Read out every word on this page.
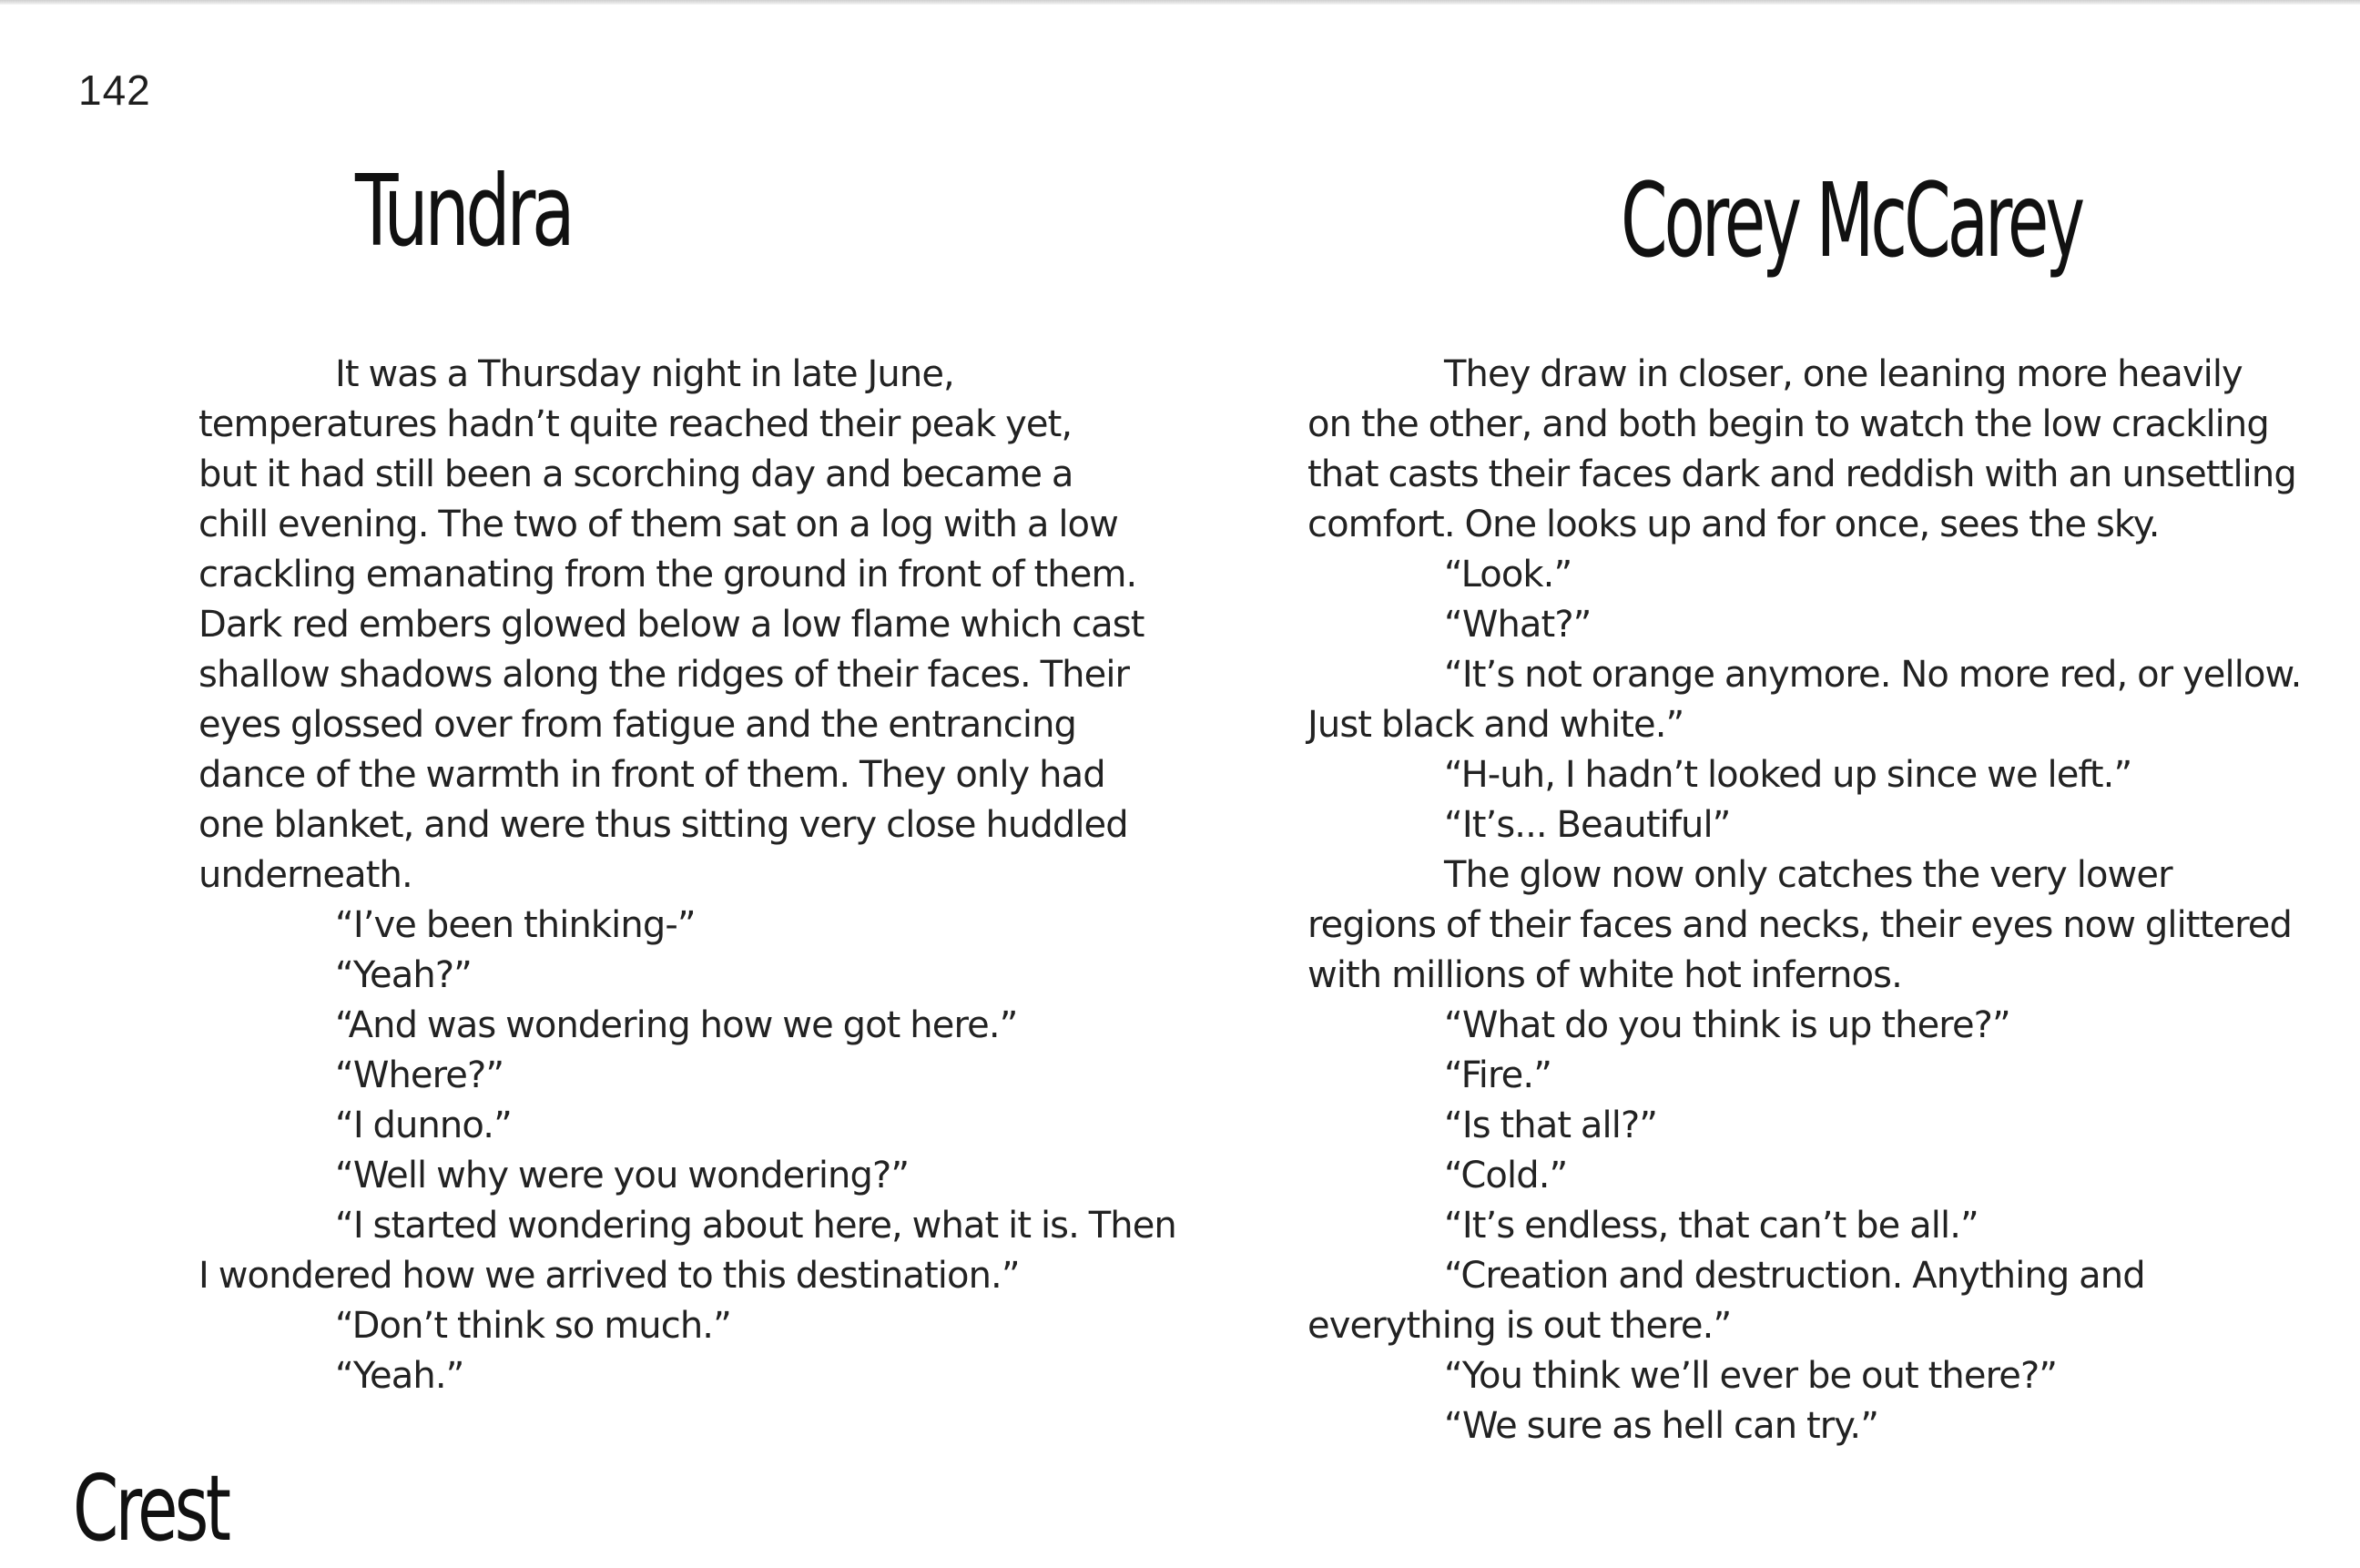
142
Tundra	Corey McCarey
It was a Thursday night in late June,
temperatures hadn’t quite reached their peak yet,
but it had still been a scorching day and became a
chill evening. The two of them sat on a log with a low
crackling emanating from the ground in front of them.
Dark red embers glowed below a low flame which cast
shallow shadows along the ridges of their faces. Their
eyes glossed over from fatigue and the entrancing
dance of the warmth in front of them. They only had
one blanket, and were thus sitting very close huddled
underneath.
“I’ve been thinking-”
“Yeah?”
“And was wondering how we got here.”
“Where?”
“I dunno.”
“Well why were you wondering?”
“I started wondering about here, what it is. Then
I wondered how we arrived to this destination.”
“Don’t think so much.”
“Yeah.”
They draw in closer, one leaning more heavily
on the other, and both begin to watch the low crackling
that casts their faces dark and reddish with an unsettling
comfort. One looks up and for once, sees the sky.
“Look.”
“What?”
“It’s not orange anymore. No more red, or yellow.
Just black and white.”
“H-uh, I hadn’t looked up since we left.”
“It’s... Beautiful”
The glow now only catches the very lower
regions of their faces and necks, their eyes now glittered
with millions of white hot infernos.
“What do you think is up there?”
“Fire.”
“Is that all?”
“Cold.”
“It’s endless, that can’t be all.”
“Creation and destruction. Anything and
everything is out there.”
“You think we’ll ever be out there?”
“We sure as hell can try.”
Crest
